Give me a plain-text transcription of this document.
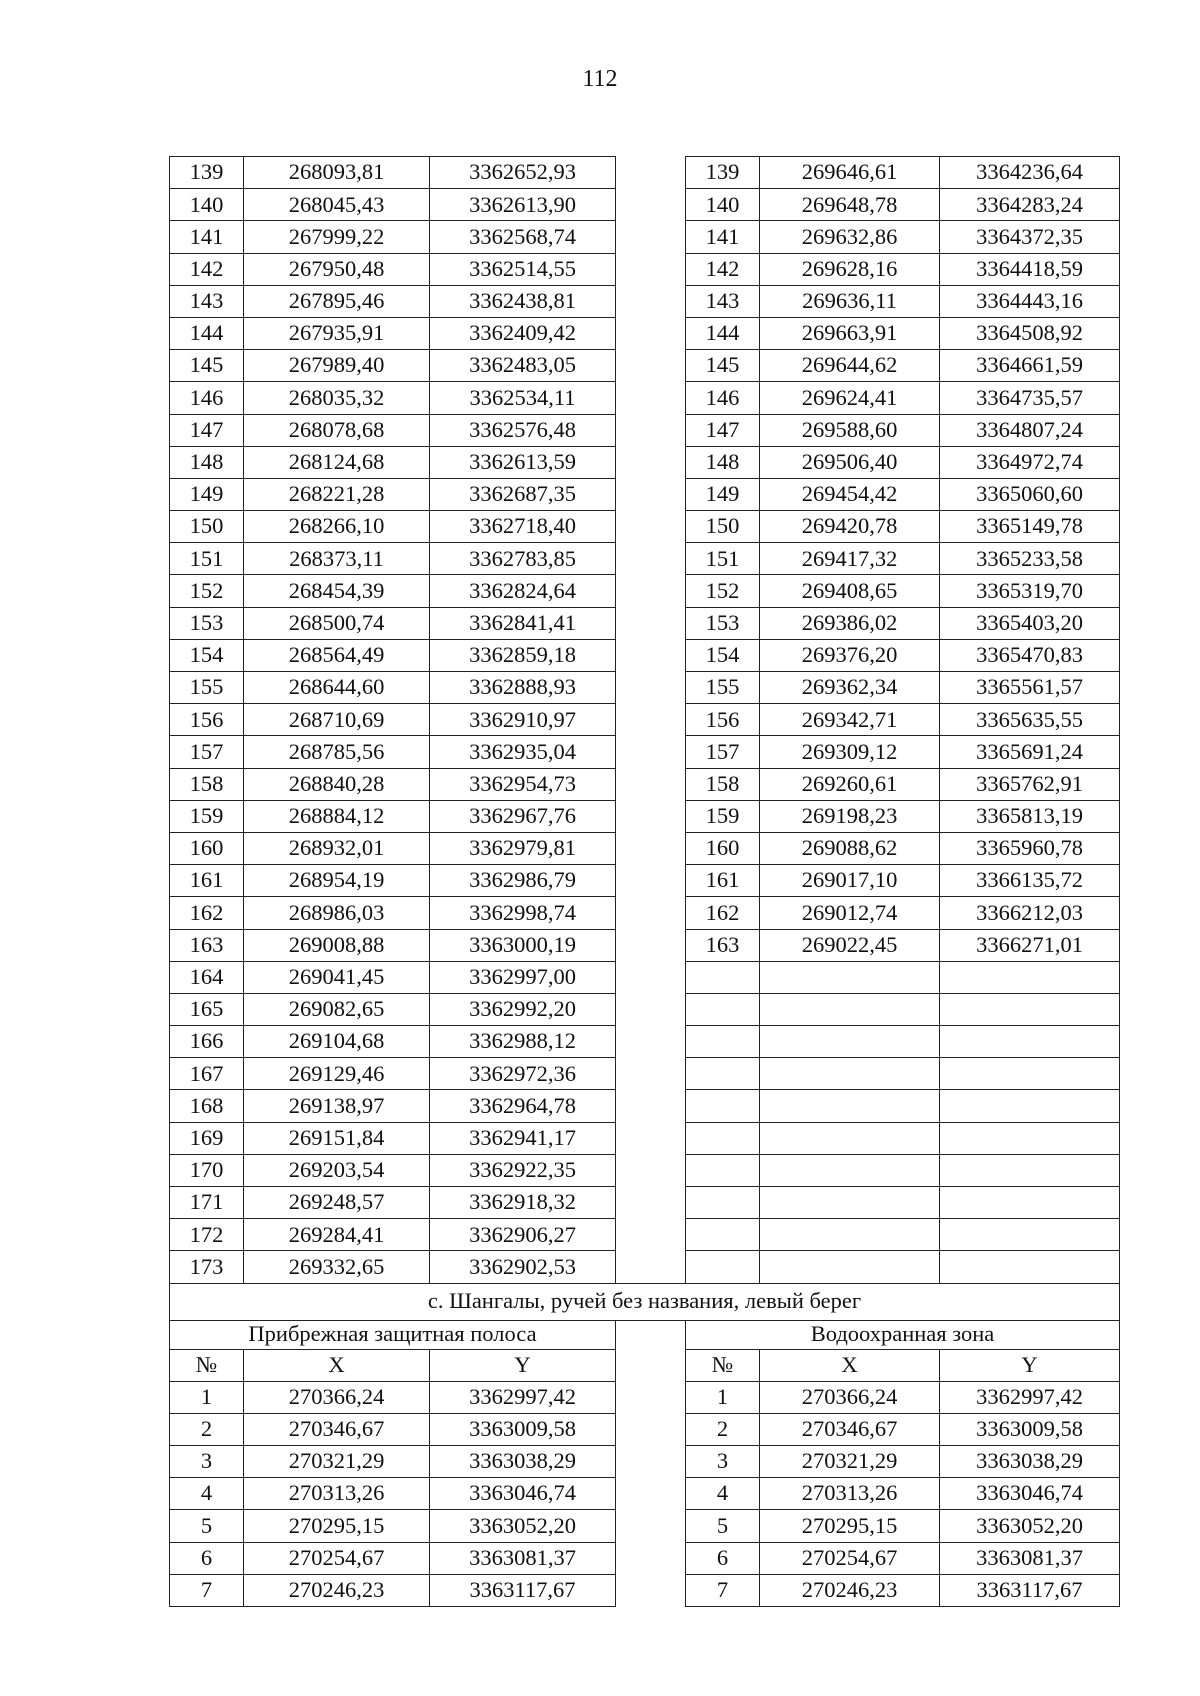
112
139	268093,81	3362652,93		139	269646,61	3364236,64
140	268045,43	3362613,90		140	269648,78	3364283,24
141	267999,22	3362568,74		141	269632,86	3364372,35
142	267950,48	3362514,55		142	269628,16	3364418,59
143	267895,46	3362438,81		143	269636,11	3364443,16
144	267935,91	3362409,42		144	269663,91	3364508,92
145	267989,40	3362483,05		145	269644,62	3364661,59
146	268035,32	3362534,11		146	269624,41	3364735,57
147	268078,68	3362576,48		147	269588,60	3364807,24
148	268124,68	3362613,59		148	269506,40	3364972,74
149	268221,28	3362687,35		149	269454,42	3365060,60
150	268266,10	3362718,40		150	269420,78	3365149,78
151	268373,11	3362783,85		151	269417,32	3365233,58
152	268454,39	3362824,64		152	269408,65	3365319,70
153	268500,74	3362841,41		153	269386,02	3365403,20
154	268564,49	3362859,18		154	269376,20	3365470,83
155	268644,60	3362888,93		155	269362,34	3365561,57
156	268710,69	3362910,97		156	269342,71	3365635,55
157	268785,56	3362935,04		157	269309,12	3365691,24
158	268840,28	3362954,73		158	269260,61	3365762,91
159	268884,12	3362967,76		159	269198,23	3365813,19
160	268932,01	3362979,81		160	269088,62	3365960,78
161	268954,19	3362986,79		161	269017,10	3366135,72
162	268986,03	3362998,74		162	269012,74	3366212,03
163	269008,88	3363000,19		163	269022,45	3366271,01
164	269041,45	3362997,00				
165	269082,65	3362992,20				
166	269104,68	3362988,12				
167	269129,46	3362972,36				
168	269138,97	3362964,78				
169	269151,84	3362941,17				
170	269203,54	3362922,35				
171	269248,57	3362918,32				
172	269284,41	3362906,27				
173	269332,65	3362902,53				
с. Шангалы, ручей без названия, левый берег						
Прибрежная защитная полоса				Водоохранная зона		
№	X	Y		№	X	Y
1	270366,24	3362997,42		1	270366,24	3362997,42
2	270346,67	3363009,58		2	270346,67	3363009,58
3	270321,29	3363038,29		3	270321,29	3363038,29
4	270313,26	3363046,74		4	270313,26	3363046,74
5	270295,15	3363052,20		5	270295,15	3363052,20
6	270254,67	3363081,37		6	270254,67	3363081,37
7	270246,23	3363117,67		7	270246,23	3363117,67
